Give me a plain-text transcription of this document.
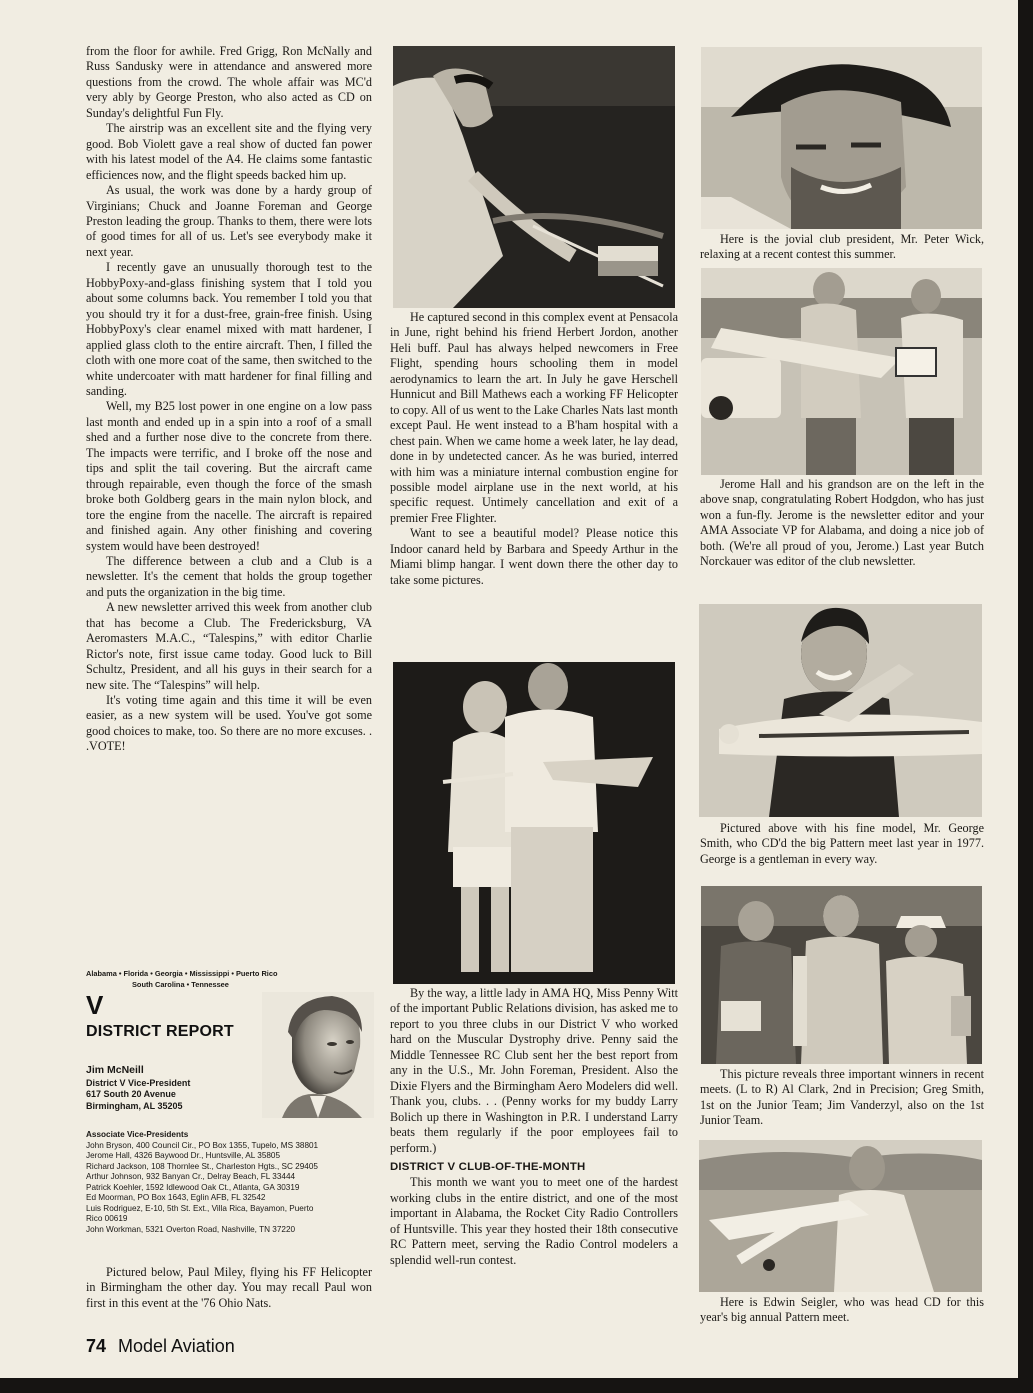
from the floor for awhile. Fred Grigg, Ron McNally and Russ Sandusky were in attendance and answered more questions from the crowd. The whole affair was MC'd very ably by George Preston, who also acted as CD on Sunday's delightful Fun Fly.

The airstrip was an excellent site and the flying very good. Bob Violett gave a real show of ducted fan power with his latest model of the A4. He claims some fantastic efficiences now, and the flight speeds backed him up.

As usual, the work was done by a hardy group of Virginians; Chuck and Joanne Foreman and George Preston leading the group. Thanks to them, there were lots of good times for all of us. Let's see everybody make it next year.

I recently gave an unusually thorough test to the HobbyPoxy-and-glass finishing system that I told you about some columns back. You remember I told you that you should try it for a dust-free, grain-free finish. Using HobbyPoxy's clear enamel mixed with matt hardener, I applied glass cloth to the entire aircraft. Then, I filled the cloth with one more coat of the same, then switched to the white undercoater with matt hardener for final filling and sanding.

Well, my B25 lost power in one engine on a low pass last month and ended up in a spin into a roof of a small shed and a further nose dive to the concrete from there. The impacts were terrific, and I broke off the nose and tips and split the tail covering. But the aircraft came through repairable, even though the force of the smash broke both Goldberg gears in the main nylon block, and tore the engine from the nacelle. The aircraft is repaired and finished again. Any other finishing and covering system would have been destroyed!

The difference between a club and a Club is a newsletter. It's the cement that holds the group together and puts the organization in the big time.

A new newsletter arrived this week from another club that has become a Club. The Fredericksburg, VA Aeromasters M.A.C., “Talespins,” with editor Charlie Rictor's note, first issue came today. Good luck to Bill Schultz, President, and all his guys in their search for a new site. The “Talespins” will help.

It's voting time again and this time it will be even easier, as a new system will be used. You've got some good choices to make, too. So there are no more excuses. . .VOTE!

Alabama • Florida • Georgia • Mississippi • Puerto Rico
South Carolina • Tennessee
V
DISTRICT REPORT
Jim McNeill
District V Vice-President
617 South 20 Avenue
Birmingham, AL 35205
Associate Vice-Presidents
John Bryson, 400 Council Cir., PO Box 1355, Tupelo, MS 38801
Jerome Hall, 4326 Baywood Dr., Huntsville, AL 35805
Richard Jackson, 108 Thornlee St., Charleston Hgts., SC 29405
Arthur Johnson, 932 Banyan Cr., Delray Beach, FL 33444
Patrick Koehler, 1592 Idlewood Oak Ct., Atlanta, GA 30319
Ed Moorman, PO Box 1643, Eglin AFB, FL 32542
Luis Rodriguez, E-10, 5th St. Ext., Villa Rica, Bayamon, Puerto
Rico 00619
John Workman, 5321 Overton Road, Nashville, TN 37220

Pictured below, Paul Miley, flying his FF Helicopter in Birmingham the other day. You may recall Paul won first in this event at the '76 Ohio Nats.

74 Model Aviation

He captured second in this complex event at Pensacola in June, right behind his friend Herbert Jordon, another Heli buff. Paul has always helped newcomers in Free Flight, spending hours schooling them in model aerodynamics to learn the art. In July he gave Herschell Hunnicut and Bill Mathews each a working FF Helicopter to copy. All of us went to the Lake Charles Nats last month except Paul. He went instead to a B'ham hospital with a chest pain. When we came home a week later, he lay dead, done in by undetected cancer. As he was buried, interred with him was a miniature internal combustion engine for possible model airplane use in the next world, at his specific request. Untimely cancellation and exit of a premier Free Flighter.

Want to see a beautiful model? Please notice this Indoor canard held by Barbara and Speedy Arthur in the Miami blimp hangar. I went down there the other day to take some pictures.

By the way, a little lady in AMA HQ, Miss Penny Witt of the important Public Relations division, has asked me to report to you three clubs in our District V who worked hard on the Muscular Dystrophy drive. Penny said the Middle Tennessee RC Club sent her the best report from any in the U.S., Mr. John Foreman, President. Also the Dixie Flyers and the Birmingham Aero Modelers did well. Thank you, clubs. . . (Penny works for my buddy Larry Bolich up there in Washington in P.R. I understand Larry beats them regularly if the poor employees fail to perform.)

DISTRICT V CLUB-OF-THE-MONTH

This month we want you to meet one of the hardest working clubs in the entire district, and one of the most important in Alabama, the Rocket City Radio Controllers of Huntsville. This year they hosted their 18th consecutive RC Pattern meet, serving the Radio Control modelers a splendid well-run contest.

Here is the jovial club president, Mr. Peter Wick, relaxing at a recent contest this summer.

Jerome Hall and his grandson are on the left in the above snap, congratulating Robert Hodgdon, who has just won a fun-fly. Jerome is the newsletter editor and your AMA Associate VP for Alabama, and doing a nice job of both. (We're all proud of you, Jerome.) Last year Butch Norckauer was editor of the club newsletter.

Pictured above with his fine model, Mr. George Smith, who CD'd the big Pattern meet last year in 1977. George is a gentleman in every way.

This picture reveals three important winners in recent meets. (L to R) Al Clark, 2nd in Precision; Greg Smith, 1st on the Junior Team; Jim Vanderzyl, also on the 1st Junior Team.

Here is Edwin Seigler, who was head CD for this year's big annual Pattern meet.
